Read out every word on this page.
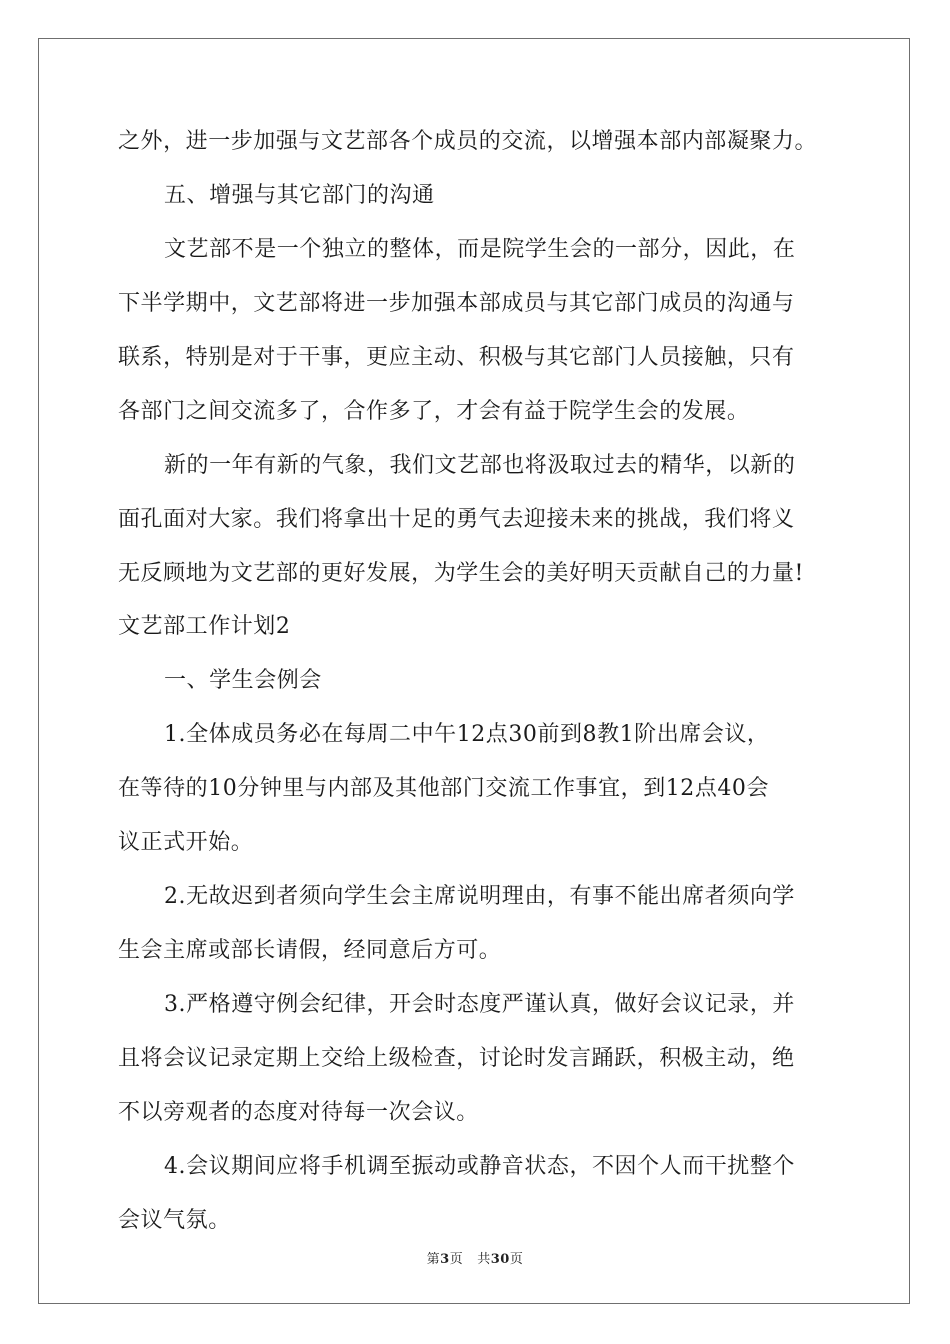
之外，进一步加强与文艺部各个成员的交流，以增强本部内部凝聚力。
五、增强与其它部门的沟通
文艺部不是一个独立的整体，而是院学生会的一部分，因此，在
下半学期中，文艺部将进一步加强本部成员与其它部门成员的沟通与
联系，特别是对于干事，更应主动、积极与其它部门人员接触，只有
各部门之间交流多了，合作多了，才会有益于院学生会的发展。
新的一年有新的气象，我们文艺部也将汲取过去的精华，以新的
面孔面对大家。我们将拿出十足的勇气去迎接未来的挑战，我们将义
无反顾地为文艺部的更好发展，为学生会的美好明天贡献自己的力量!
文艺部工作计划2
一、学生会例会
1.全体成员务必在每周二中午12点30前到8教1阶出席会议，
在等待的10分钟里与内部及其他部门交流工作事宜，到12点40会
议正式开始。
2.无故迟到者须向学生会主席说明理由，有事不能出席者须向学
生会主席或部长请假，经同意后方可。
3.严格遵守例会纪律，开会时态度严谨认真，做好会议记录，并
且将会议记录定期上交给上级检查，讨论时发言踊跃，积极主动，绝
不以旁观者的态度对待每一次会议。
4.会议期间应将手机调至振动或静音状态，不因个人而干扰整个
会议气氛。
第3页 共30页
